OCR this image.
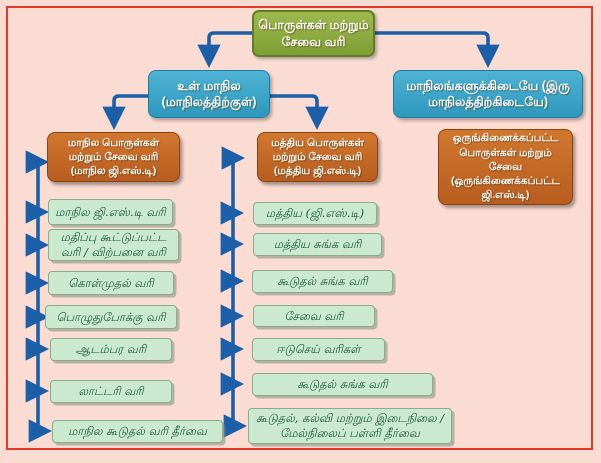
பொருள்கள் மற்றும் சேவை வரி
உள் மாநில (மாநிலத்திற்குள்)
மாநிலங்களுக்கிடையே (இரு மாநிலத்திற்கிடையே)
மாநில பொருள்கள் மற்றும் சேவை வரி (மாநில ஜி.எஸ்.டி)
மத்திய பொருள்கள் மற்றும் சேவை வரி (மத்திய ஜி.எஸ்.டி)
ஒருங்கிணைக்கப்பட்ட பொருள்கள் மற்றும் சேவை (ஒருங்கிணைக்கப்பட்ட ஜி.எஸ்.டி)
மாநில ஜி.எஸ்.டி வரி
மதிப்பு கூட்டுப்பட்ட வரி / விற்பனை வரி
கொள்முதல் வரி
பொழுதுபோக்கு வரி
ஆடம்பர வரி
லாட்டரி வரி
மாநில கூடுதல் வரி தீர்வை
மத்திய (ஜி.எஸ்.டி)
மத்திய சுங்க வரி
கூடுதல் சுங்க வரி
சேவை வரி
ஈடுசெய் வரிகள்
கூடுதல் சுங்க வரி
கூடுதல், கல்வி மற்றும் இடைநிலை / மேல்நிலைப் பள்ளி தீர்வை
